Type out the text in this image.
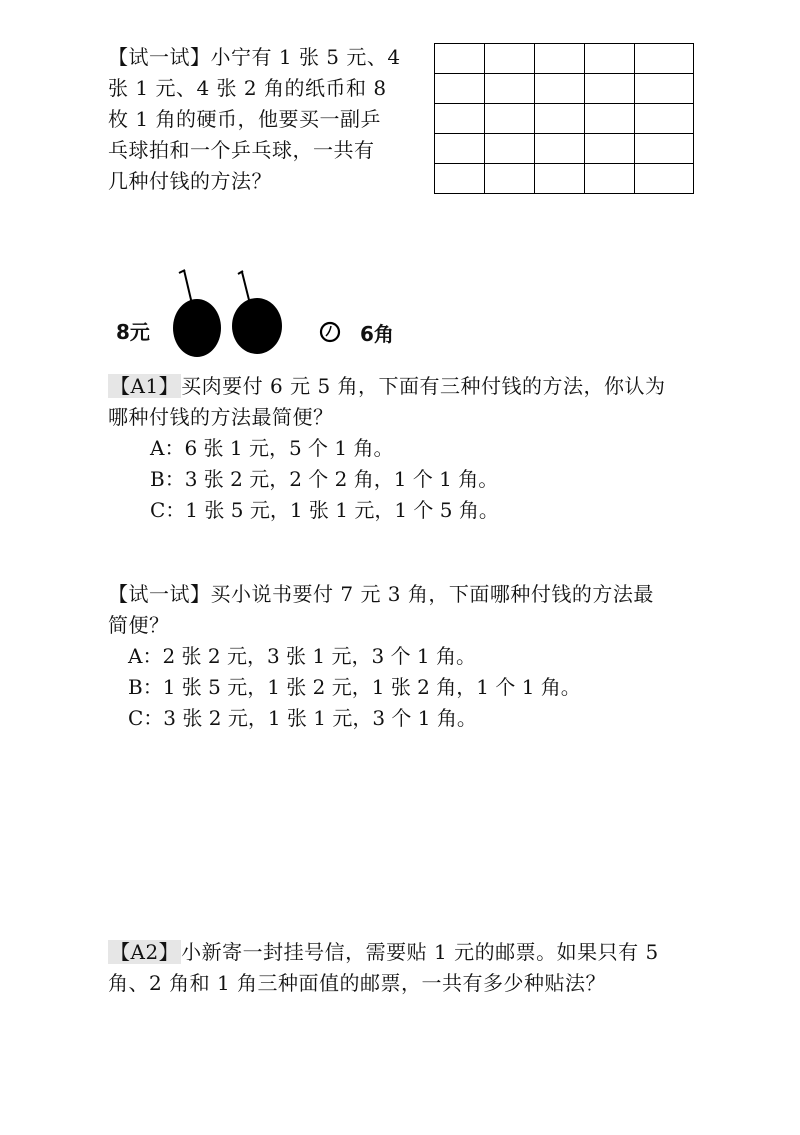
【试一试】小宁有 1 张 5 元、4
张 1 元、4 张 2 角的纸币和 8
枚 1 角的硬币，他要买一副乒
乓球拍和一个乒乓球，一共有
几种付钱的方法？

8元	6角
【A1】 买肉要付 6 元 5 角，下面有三种付钱的方法，你认为
哪种付钱的方法最简便？
A：6 张 1 元，5 个 1 角。
B：3 张 2 元，2 个 2 角，1 个 1 角。
C：1 张 5 元，1 张 1 元，1 个 5 角。
【试一试】买小说书要付 7 元 3 角，下面哪种付钱的方法最
简便？
A：2 张 2 元，3 张 1 元，3 个 1 角。
B：1 张 5 元，1 张 2 元，1 张 2 角，1 个 1 角。
C：3 张 2 元，1 张 1 元，3 个 1 角。
【A2】 小新寄一封挂号信，需要贴 1 元的邮票。如果只有 5
角、2 角和 1 角三种面值的邮票，一共有多少种贴法？
